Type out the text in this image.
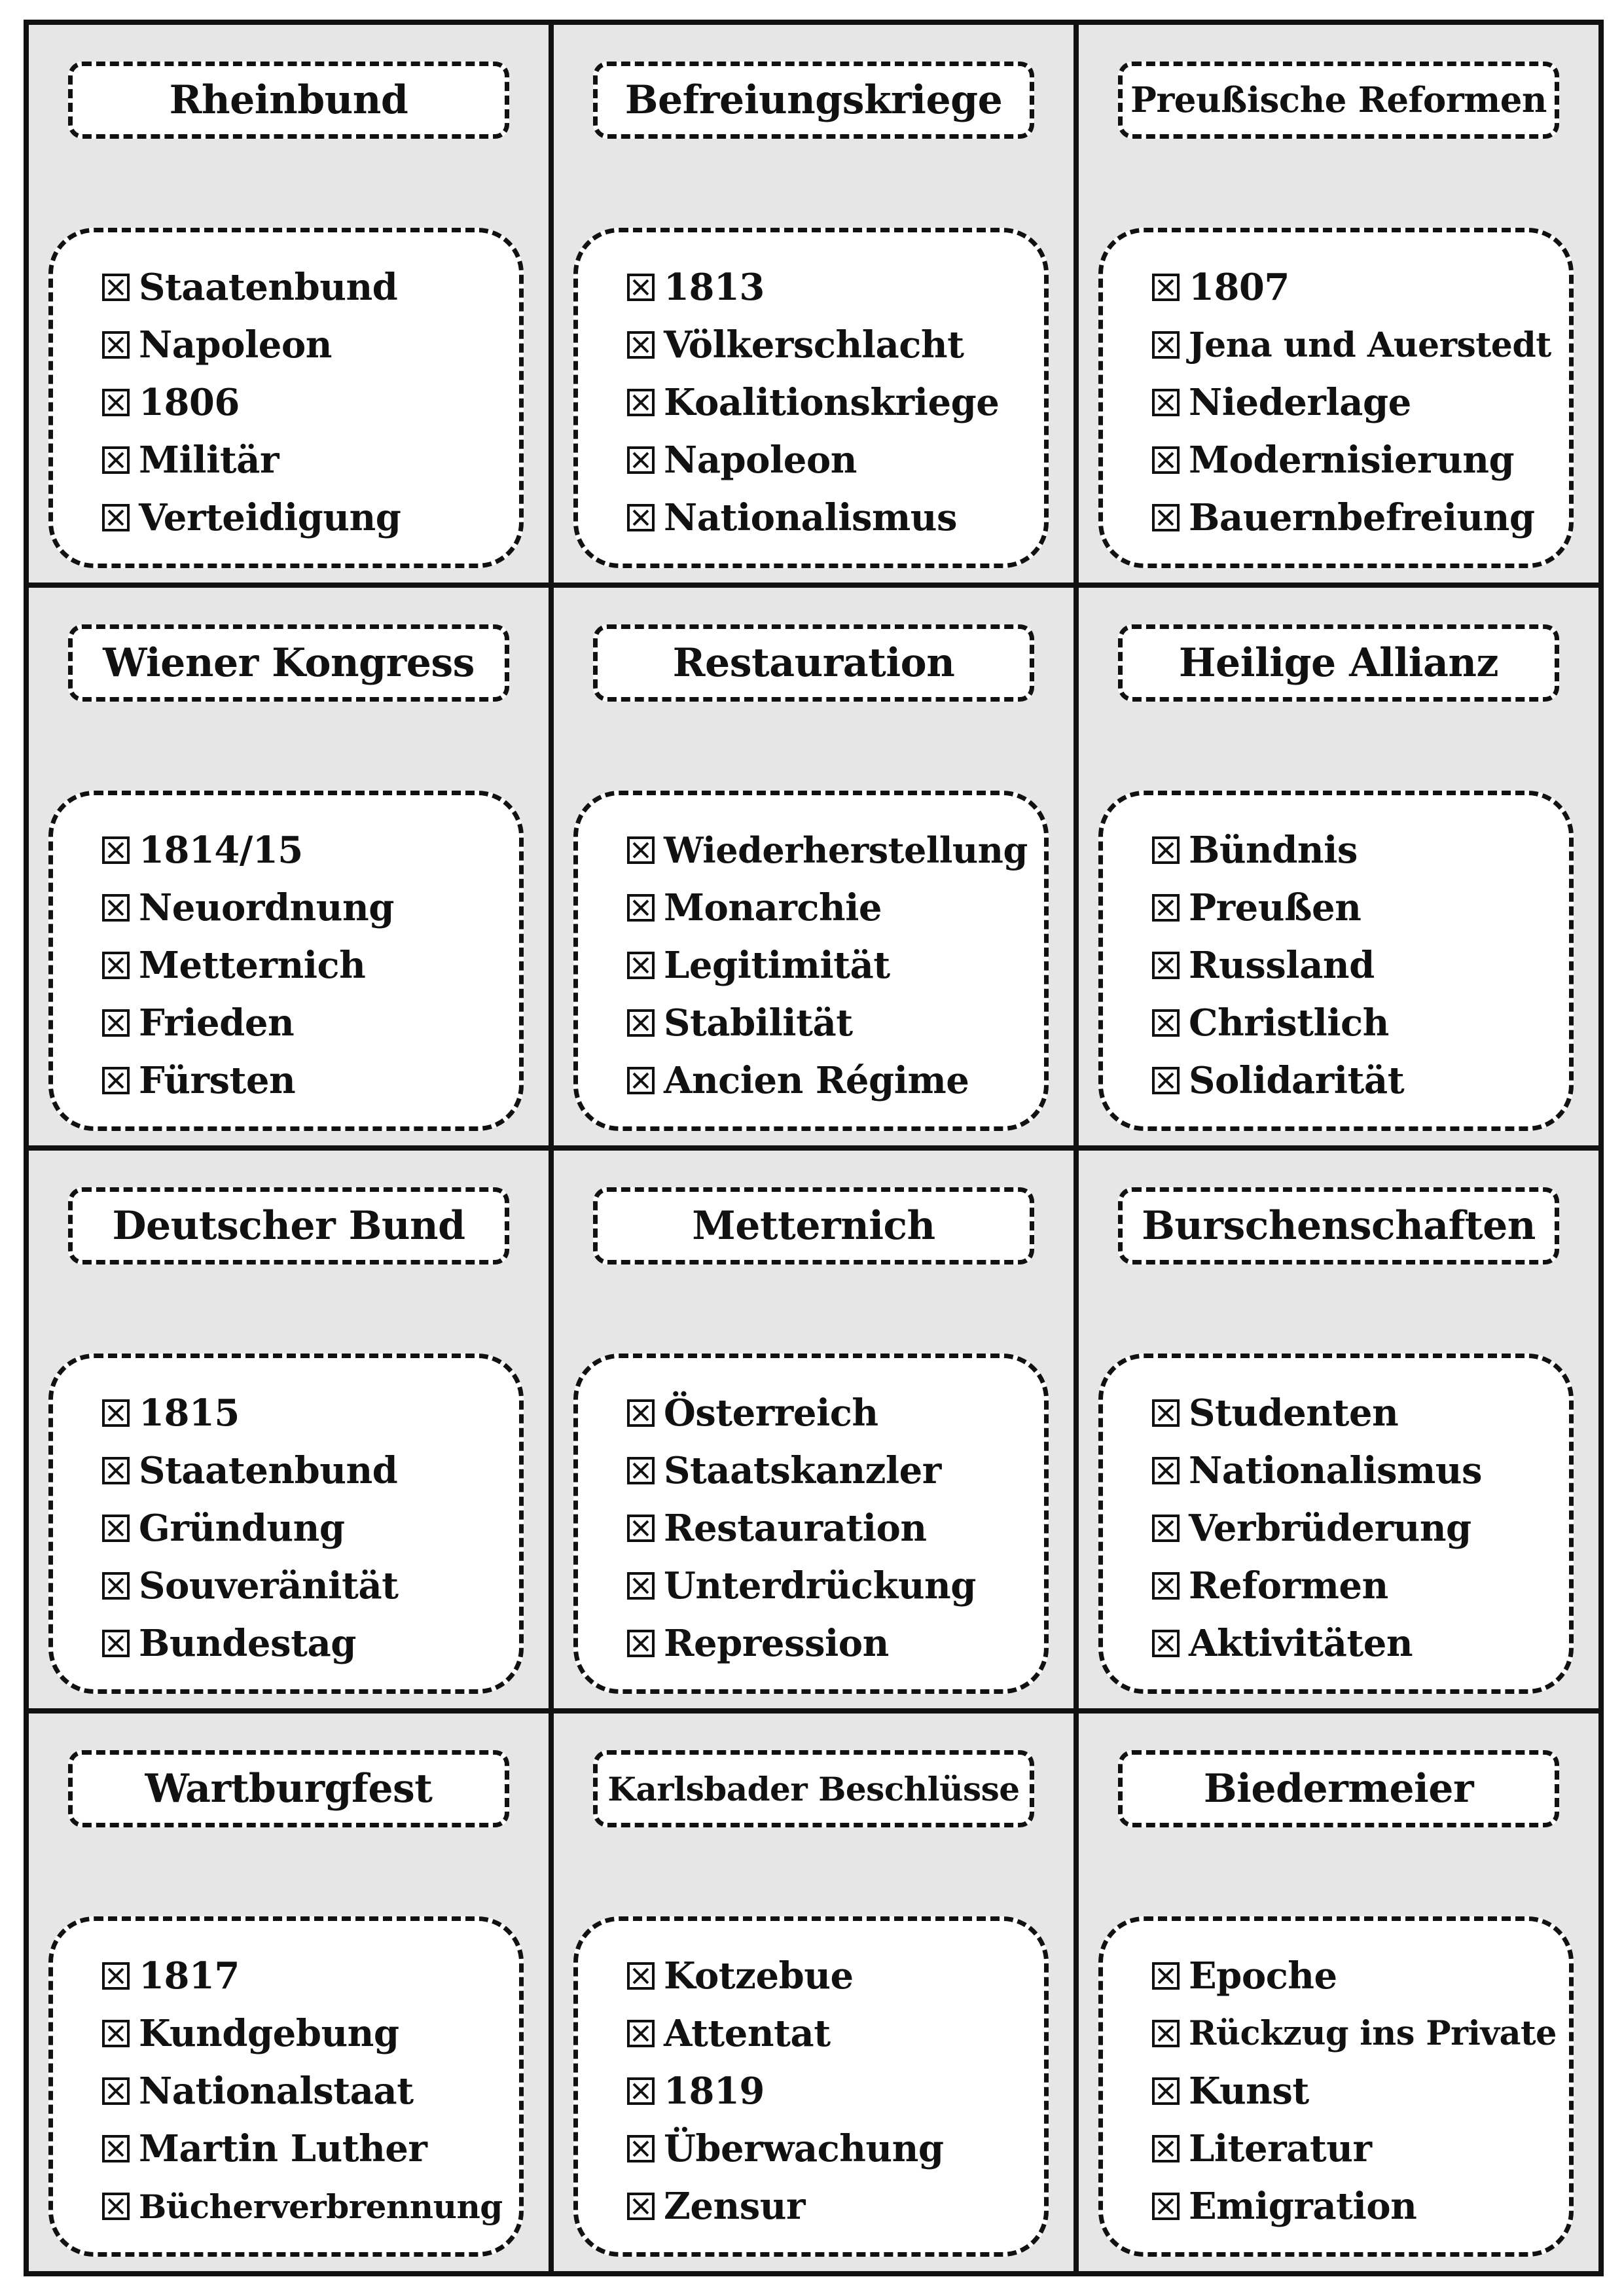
Rheinbund
Staatenbund
Napoleon
1806
Militär
Verteidigung
Befreiungskriege
1813
Völkerschlacht
Koalitionskriege
Napoleon
Nationalismus
Preußische Reformen
1807
Jena und Auerstedt
Niederlage
Modernisierung
Bauernbefreiung
Wiener Kongress
1814/15
Neuordnung
Metternich
Frieden
Fürsten
Restauration
Wiederherstellung
Monarchie
Legitimität
Stabilität
Ancien Régime
Heilige Allianz
Bündnis
Preußen
Russland
Christlich
Solidarität
Deutscher Bund
1815
Staatenbund
Gründung
Souveränität
Bundestag
Metternich
Österreich
Staatskanzler
Restauration
Unterdrückung
Repression
Burschenschaften
Studenten
Nationalismus
Verbrüderung
Reformen
Aktivitäten
Wartburgfest
1817
Kundgebung
Nationalstaat
Martin Luther
Bücherverbrennung
Karlsbader Beschlüsse
Kotzebue
Attentat
1819
Überwachung
Zensur
Biedermeier
Epoche
Rückzug ins Private
Kunst
Literatur
Emigration
